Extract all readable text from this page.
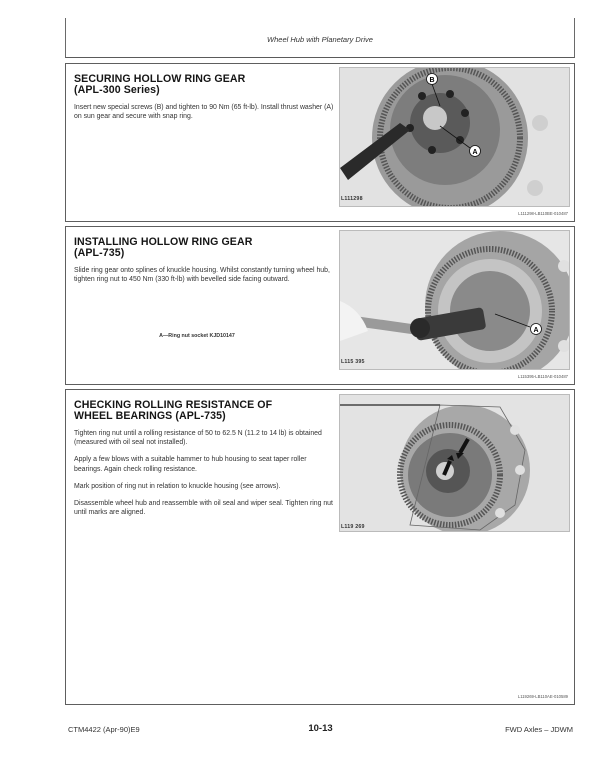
Wheel Hub with Planetary Drive
SECURING HOLLOW RING GEAR
(APL-300 Series)

Insert new special screws (B) and tighten to 90 Nm (65 ft-lb). Install thrust washer (A) on sun gear and secure with snap ring.

B
A
L111298
L111298-LB110BE-010487
INSTALLING HOLLOW RING GEAR
(APL-735)

Slide ring gear onto splines of knuckle housing. Whilst constantly turning wheel hub, tighten ring nut to 450 Nm (330 ft-lb) with bevelled side facing outward.

A—Ring nut socket KJD10147
A
L115 395
L115395-LB110AE-010487
CHECKING ROLLING RESISTANCE OF
WHEEL BEARINGS (APL-735)

Tighten ring nut until a rolling resistance of 50 to 62.5 N (11.2 to 14 lb) is obtained (measured with oil seal not installed).

Apply a few blows with a suitable hammer to hub housing to seat taper roller bearings. Again check rolling resistance.

Mark position of ring nut in relation to knuckle housing (see arrows).

Disassemble wheel hub and reassemble with oil seal and wiper seal. Tighten ring nut until marks are aligned.

L119 269
L119269-LB110AE-010589
CTM4422 (Apr-90)E9	10-13	FWD Axles – JDWM
